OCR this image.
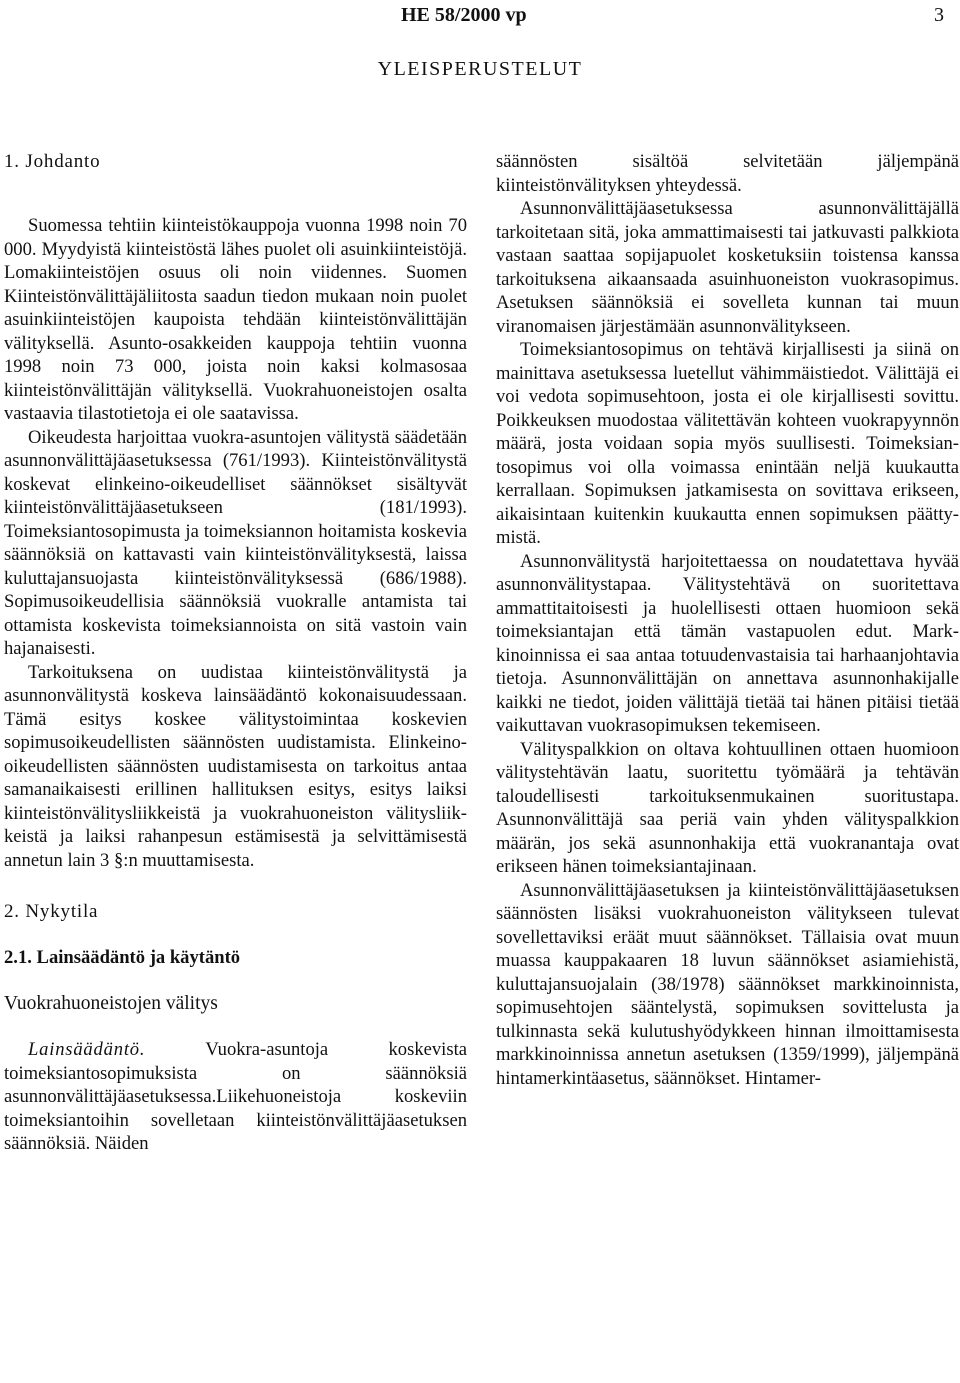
HE 58/2000 vp	3
YLEISPERUSTELUT
1. Johdanto

Suomessa tehtiin kiinteistökauppoja vuonna 1998 noin 70 000. Myydyistä kiinteistöstä lähes puolet oli asuinkiinteistöjä. Lomakiinteistöjen osuus oli noin viidennes. Suomen Kiinteistönvälittäjäliitosta saadun tiedon mukaan noin puolet asuinkiinteistöjen kaupoista tehdään kiinteistönvälittäjän välityksellä. Asunto-osakkeiden kauppoja tehtiin vuonna 1998 noin 73 000, joista noin kaksi kolmasosaa kiinteistönvälittäjän välityksellä. Vuokrahuoneistojen osalta vastaavia tilastotietoja ei ole saatavissa.

Oikeudesta harjoittaa vuokra-asuntojen välitystä säädetään asunnonvälittäjäasetuksessa (761/1993). Kiinteistönvälitystä koskevat elinkeino-oikeudelliset säännökset sisältyvät kiinteistönvälittäjäasetukseen (181/1993). Toimeksiantosopimusta ja toimeksiannon hoitamista koskevia säännöksiä on kattavasti vain kiinteistönvälityksestä, laissa kuluttajansuojasta kiinteistönvälityksessä (686/1988). Sopimusoikeudellisia säännöksiä vuokralle antamista tai ottamista koskevista toimeksiannoista on sitä vastoin vain hajanaisesti.

Tarkoituksena on uudistaa kiinteistönvälitystä ja asunnonvälitystä koskeva lainsäädäntö kokonaisuudessaan. Tämä esitys koskee välitystoimintaa koskevien sopimusoikeudellisten säännösten uudistamista. Elinkeinooikeudellisten säännösten uudistamisesta on tarkoitus antaa samanaikaisesti erillinen hallituksen esitys, esitys laiksi kiinteistönvälitysliikkeistä ja vuokrahuoneiston välitysliikkeistä ja laiksi rahanpesun estämisestä ja selvittämisestä annetun lain 3 §:n muuttamisesta.

2. Nykytila
2.1. Lainsäädäntö ja käytäntö
Vuokrahuoneistojen välitys

Lainsäädäntö. Vuokra-asuntoja koskevista toimeksiantosopimuksista on säännöksiä asunnonvälittäjäasetuksessa.Liikehuoneistoja koskeviin toimeksiantoihin sovelletaan kiinteistönvälittäjäasetuksen säännöksiä. Näiden

säännösten sisältöä selvitetään jäljempänä kiinteistönvälityksen yhteydessä.

Asunnonvälittäjäasetuksessa asunnonvälittäjällä tarkoitetaan sitä, joka ammattimaisesti tai jatkuvasti palkkiota vastaan saattaa sopijapuolet kosketuksiin toistensa kanssa tarkoituksena aikaansaada asuinhuoneiston vuokrasopimus. Asetuksen säännöksiä ei sovelleta kunnan tai muun viranomaisen järjestämään asunnonvälitykseen.

Toimeksiantosopimus on tehtävä kirjallisesti ja siinä on mainittava asetuksessa luetellut vähimmäistiedot. Välittäjä ei voi vedota sopimusehtoon, josta ei ole kirjallisesti sovittu. Poikkeuksen muodostaa välitettävän kohteen vuokrapyynnön määrä, josta voidaan sopia myös suullisesti. Toimeksiantosopimus voi olla voimassa enintään neljä kuukautta kerrallaan. Sopimuksen jatkamisesta on sovittava erikseen, aikaisintaan kuitenkin kuukautta ennen sopimuksen päättymistä.

Asunnonvälitystä harjoitettaessa on noudatettava hyvää asunnonvälitystapaa. Välitystehtävä on suoritettava ammattitaitoisesti ja huolellisesti ottaen huomioon sekä toimeksiantajan että tämän vastapuolen edut. Markkinoinnissa ei saa antaa totuudenvastaisia tai harhaanjohtavia tietoja. Asunnonvälittäjän on annettava asunnonhakijalle kaikki ne tiedot, joiden välittäjä tietää tai hänen pitäisi tietää vaikuttavan vuokrasopimuksen tekemiseen.

Välityspalkkion on oltava kohtuullinen ottaen huomioon välitystehtävän laatu, suoritettu työmäärä ja tehtävän taloudellisesti tarkoituksenmukainen suoritustapa. Asunnonvälittäjä saa periä vain yhden välityspalkkion määrän, jos sekä asunnonhakija että vuokranantaja ovat erikseen hänen toimeksiantajinaan.

Asunnonvälittäjäasetuksen ja kiinteistönvälittäjäasetuksen säännösten lisäksi vuokrahuoneiston välitykseen tulevat sovellettaviksi eräät muut säännökset. Tällaisia ovat muun muassa kauppakaaren 18 luvun säännökset asiamiehistä, kuluttajansuojalain (38/1978) säännökset markkinoinnista, sopimusehtojen sääntelystä, sopimuksen sovittelusta ja tulkinnasta sekä kulutushyödykkeen hinnan ilmoittamisesta markkinoinnissa annetun asetuksen (1359/1999), jäljempänä hintamerkintäasetus, säännökset. Hintamer-
